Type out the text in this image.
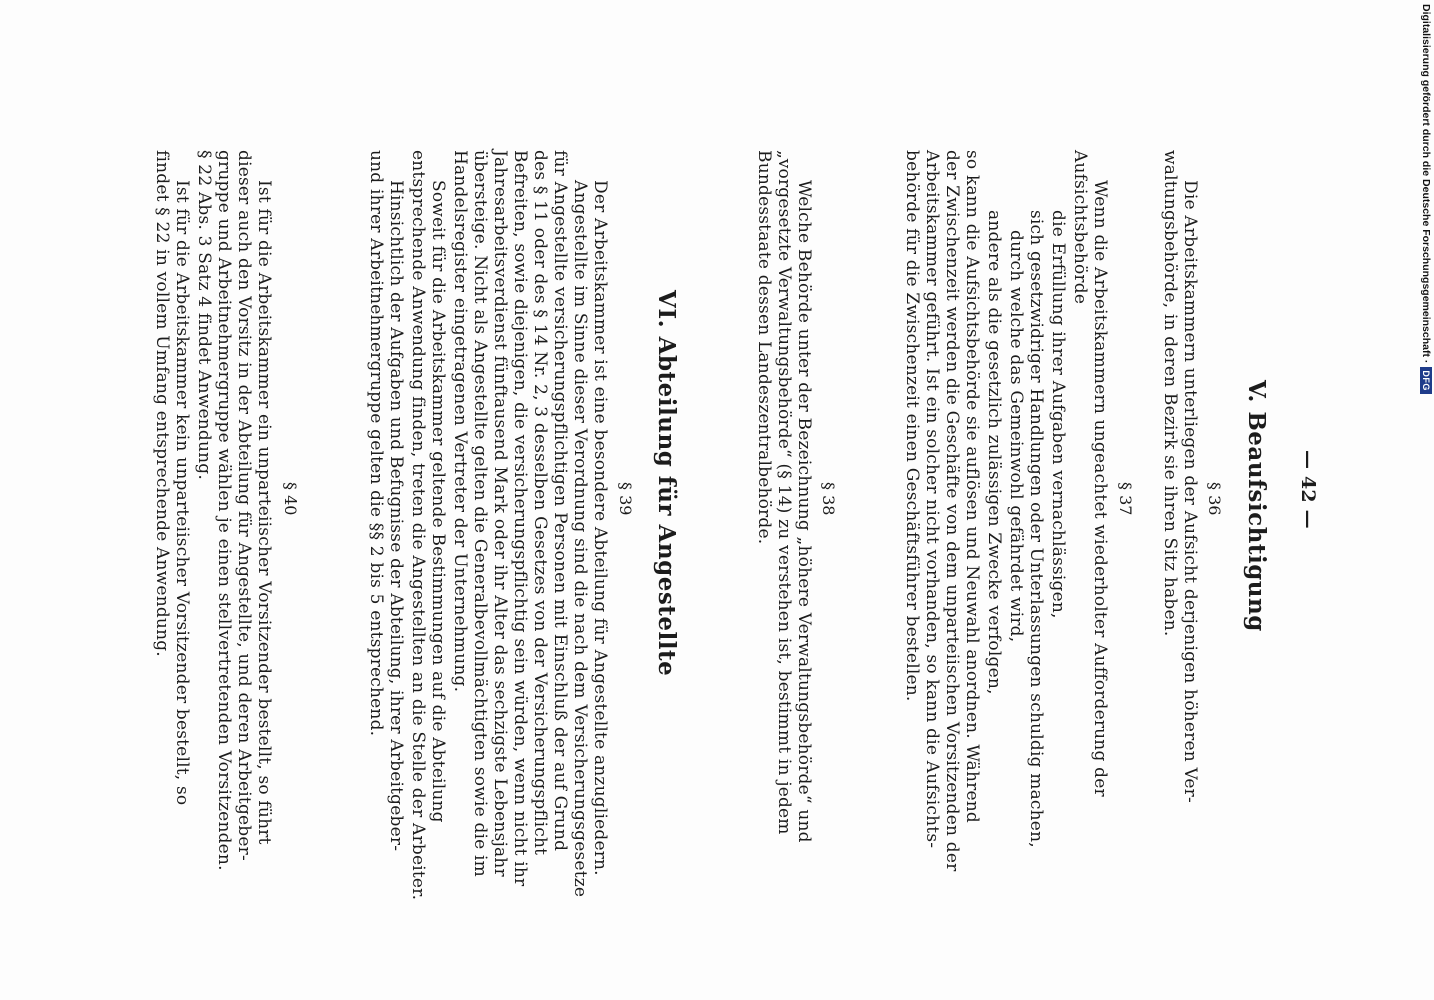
— 42 —
V. Beaufsichtigung
§ 36
Die Arbeitskammern unterliegen der Aufsicht derjenigen höheren Ver-
waltungsbehörde, in deren Bezirk sie ihren Sitz haben.
§ 37
Wenn die Arbeitskammern ungeachtet wiederholter Aufforderung der
Aufsichtsbehörde
die Erfüllung ihrer Aufgaben vernachlässigen,
sich gesetzwidriger Handlungen oder Unterlassungen schuldig machen,
durch welche das Gemeinwohl gefährdet wird,
andere als die gesetzlich zulässigen Zwecke verfolgen,
so kann die Aufsichtsbehörde sie auflösen und Neuwahl anordnen. Während
der Zwischenzeit werden die Geschäfte von dem unparteiischen Vorsitzenden der
Arbeitskammer geführt. Ist ein solcher nicht vorhanden, so kann die Aufsichts-
behörde für die Zwischenzeit einen Geschäftsführer bestellen.
§ 38
Welche Behörde unter der Bezeichnung „höhere Verwaltungsbehörde“ und
„vorgesetzte Verwaltungsbehörde“ (§ 14) zu verstehen ist, bestimmt in jedem
Bundesstaate dessen Landeszentralbehörde.
VI. Abteilung für Angestellte
§ 39
Der Arbeitskammer ist eine besondere Abteilung für Angestellte anzugliedern.
Angestellte im Sinne dieser Verordnung sind die nach dem Versicherungsgesetze
für Angestellte versicherungspflichtigen Personen mit Einschluß der auf Grund
des § 11 oder des § 14 Nr. 2, 3 desselben Gesetzes von der Versicherungspflicht
Befreiten, sowie diejenigen, die versicherungspflichtig sein würden, wenn nicht ihr
Jahresarbeitsverdienst fünftausend Mark oder ihr Alter das sechzigste Lebensjahr
übersteige. Nicht als Angestellte gelten die Generalbevollmächtigten sowie die im
Handelsregister eingetragenen Vertreter der Unternehmung.
Soweit für die Arbeitskammer geltende Bestimmungen auf die Abteilung
entsprechende Anwendung finden, treten die Angestellten an die Stelle der Arbeiter.
Hinsichtlich der Aufgaben und Befugnisse der Abteilung, ihrer Arbeitgeber-
und ihrer Arbeitnehmergruppe gelten die §§ 2 bis 5 entsprechend.
§ 40
Ist für die Arbeitskammer ein unparteiischer Vorsitzender bestellt, so führt
dieser auch den Vorsitz in der Abteilung für Angestellte, und deren Arbeitgeber-
gruppe und Arbeitnehmergruppe wählen je einen stellvertretenden Vorsitzenden.
§ 22 Abs. 3 Satz 4 findet Anwendung.
Ist für die Arbeitskammer kein unparteiischer Vorsitzender bestellt, so
findet § 22 in vollem Umfang entsprechende Anwendung.	Digitalisierung gefördert durch die Deutsche Forschungsgemeinschaft ·
DFG
